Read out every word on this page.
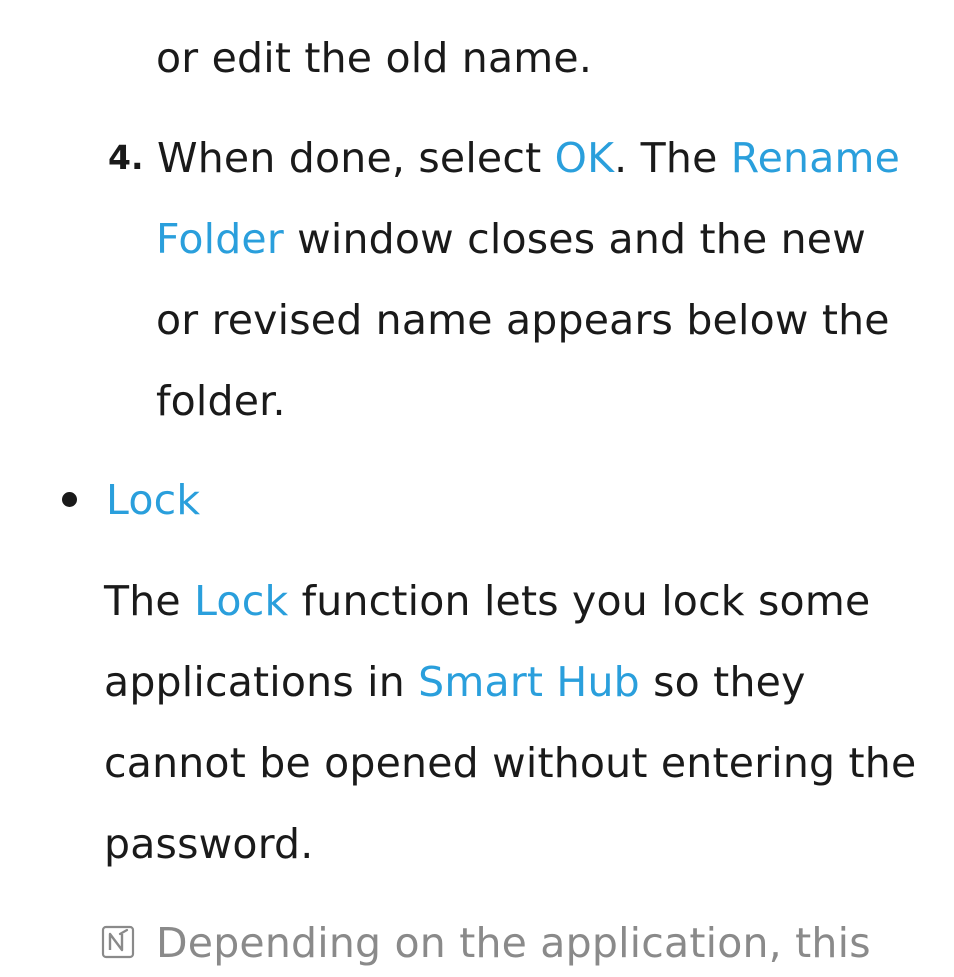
or edit the old name.
4. When done, select OK. The Rename
Folder window closes and the new
or revised name appears below the
folder.
Lock
The Lock function lets you lock some
applications in Smart Hub so they
cannot be opened without entering the
password.
Depending on the application, this
